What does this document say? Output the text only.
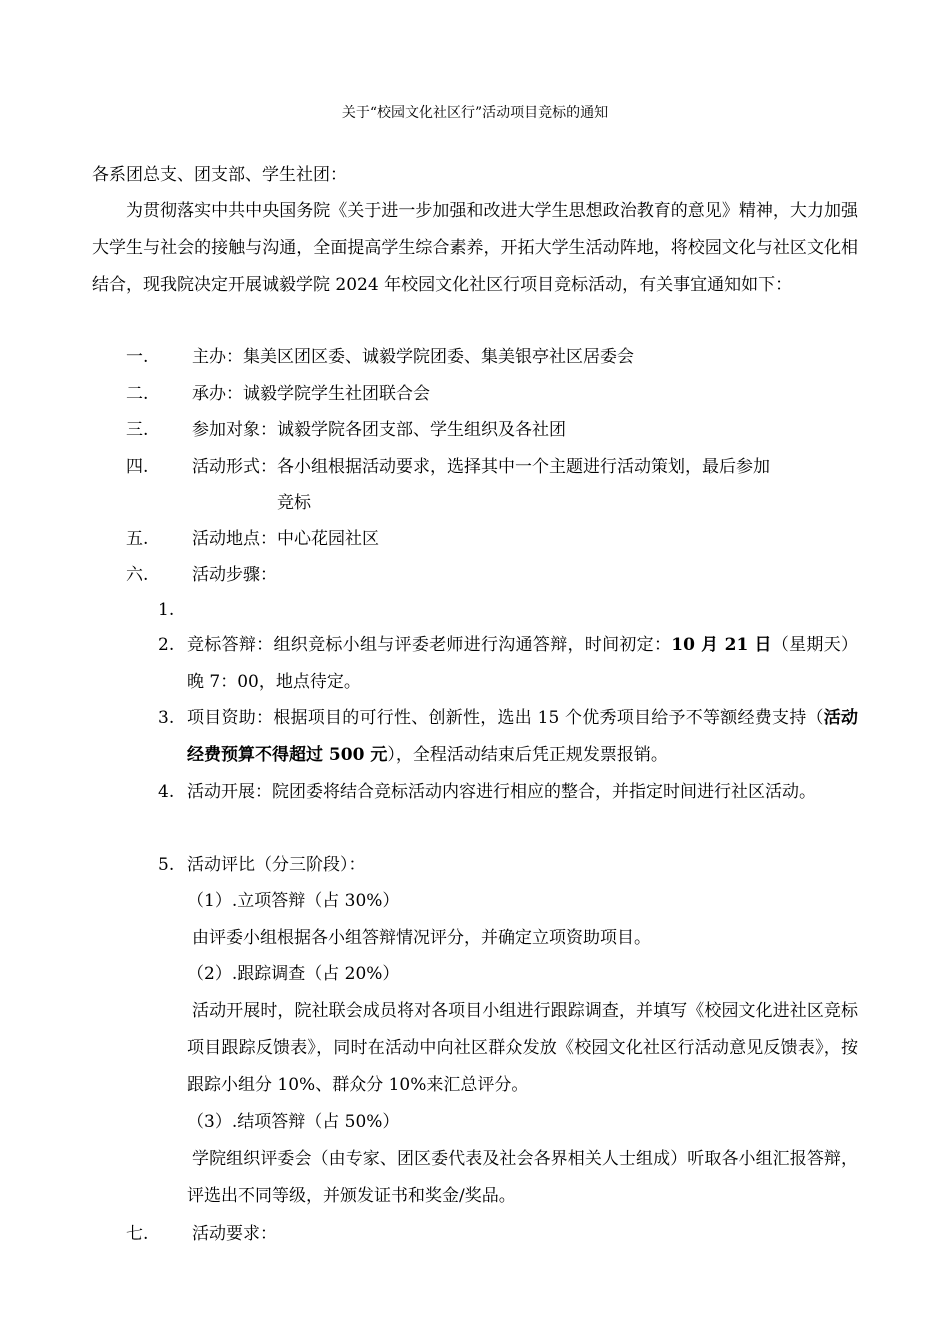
关于“校园文化社区行”活动项目竞标的通知
各系团总支、团支部、学生社团：
为贯彻落实中共中央国务院《关于进一步加强和改进大学生思想政治教育的意见》精神，大力加强大学生与社会的接触与沟通，全面提高学生综合素养，开拓大学生活动阵地，将校园文化与社区文化相结合，现我院决定开展诚毅学院 2024 年校园文化社区行项目竞标活动，有关事宜通知如下：
一.	主办：集美区团区委、诚毅学院团委、集美银亭社区居委会
二.	承办：诚毅学院学生社团联合会
三.	参加对象：诚毅学院各团支部、学生组织及各社团
四.	活动形式：各小组根据活动要求，选择其中一个主题进行活动策划，最后参加
竞标
五.	活动地点：中心花园社区
六.	活动步骤：
1.
2. 竞标答辩：组织竞标小组与评委老师进行沟通答辩，时间初定：10 月 21 日（星期天）晚 7：00，地点待定。
3. 项目资助：根据项目的可行性、创新性，选出 15 个优秀项目给予不等额经费支持（活动经费预算不得超过 500 元），全程活动结束后凭正规发票报销。
4. 活动开展：院团委将结合竞标活动内容进行相应的整合，并指定时间进行社区活动。
5. 活动评比（分三阶段）：
（1）.立项答辩（占 30%）
由评委小组根据各小组答辩情况评分，并确定立项资助项目。
（2）.跟踪调查（占 20%）
活动开展时，院社联会成员将对各项目小组进行跟踪调查，并填写《校园文化进社区竞标项目跟踪反馈表》，同时在活动中向社区群众发放《校园文化社区行活动意见反馈表》，按跟踪小组分 10%、群众分 10%来汇总评分。
（3）.结项答辩（占 50%）
学院组织评委会（由专家、团区委代表及社会各界相关人士组成）听取各小组汇报答辩，评选出不同等级，并颁发证书和奖金/奖品。
七.	活动要求：
